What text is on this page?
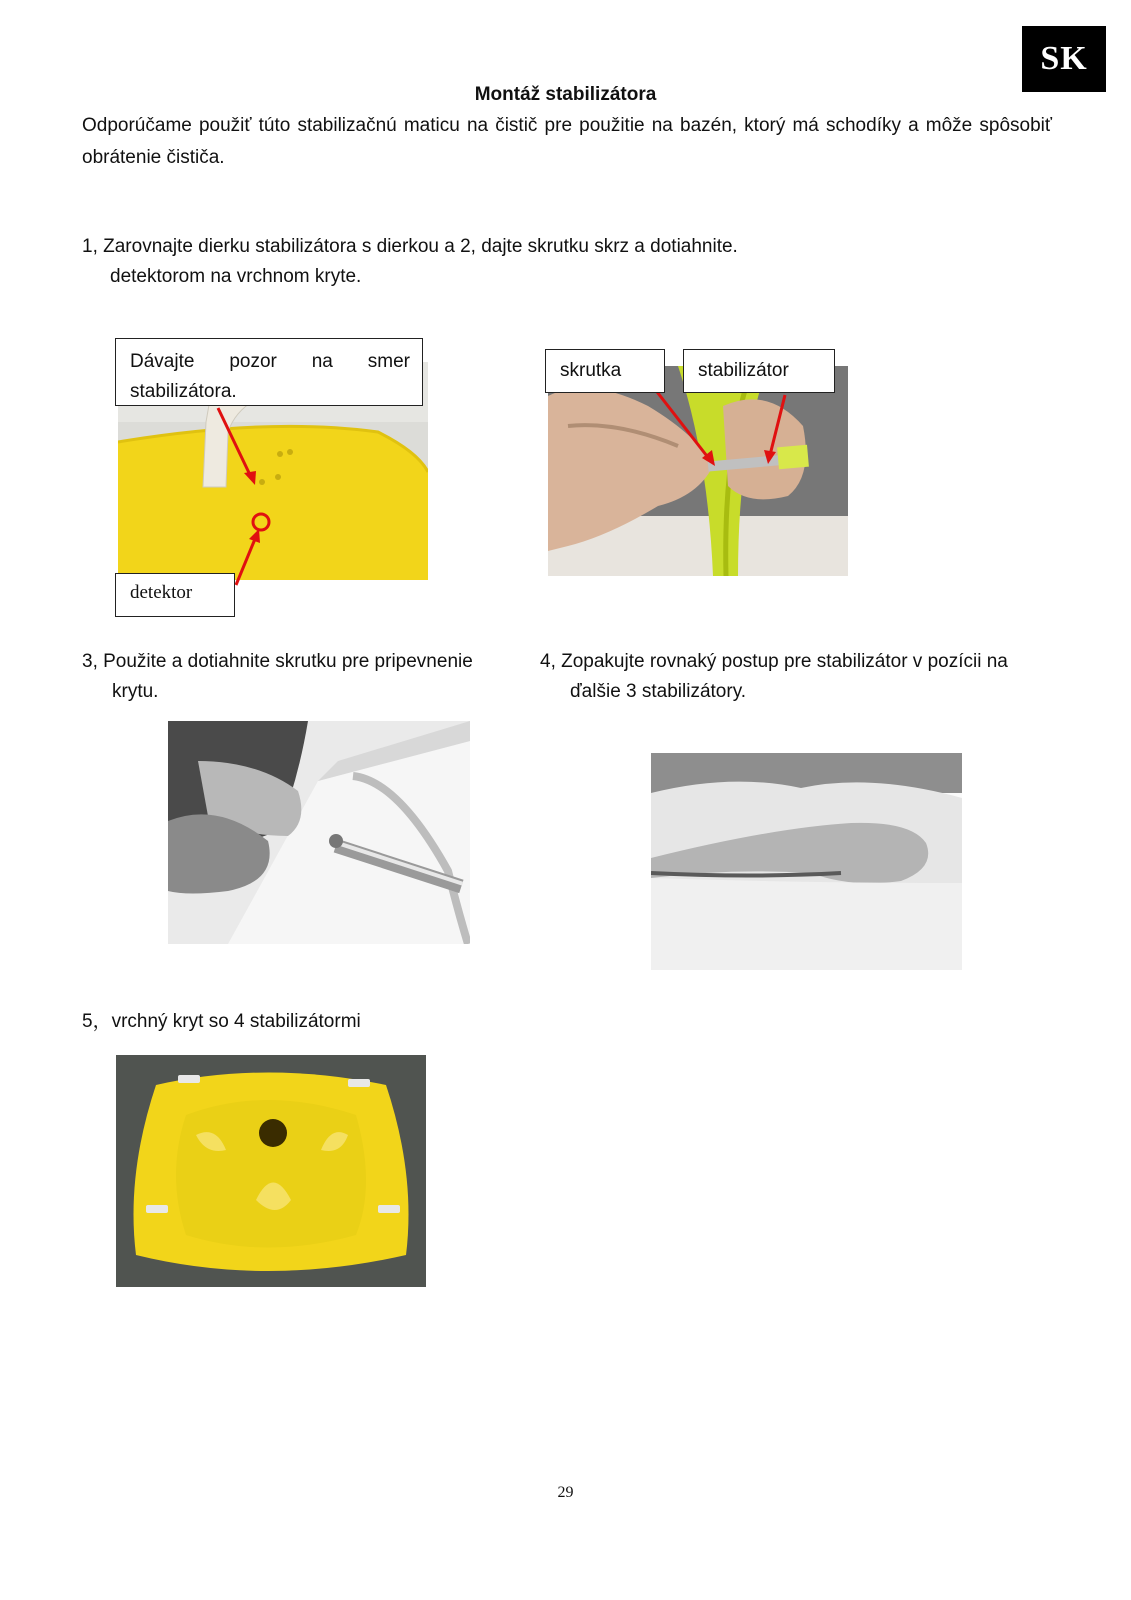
SK
Montáž stabilizátora
Odporúčame použiť túto stabilizačnú maticu na čistič pre použitie na bazén, ktorý má schodíky a môže spôsobiť obrátenie čističa.
1, Zarovnajte dierku stabilizátora s dierkou a 2, dajte skrutku skrz a dotiahnite.
detektorom na vrchnom kryte.
Dávajte pozor na smer stabilizátora.
detektor
skrutka	stabilizátor
3, Použite a dotiahnite skrutku pre pripevnenie
krytu.
4, Zopakujte rovnaký postup pre stabilizátor v pozícii na
ďalšie 3 stabilizátory.
5，vrchný kryt so 4 stabilizátormi
29
